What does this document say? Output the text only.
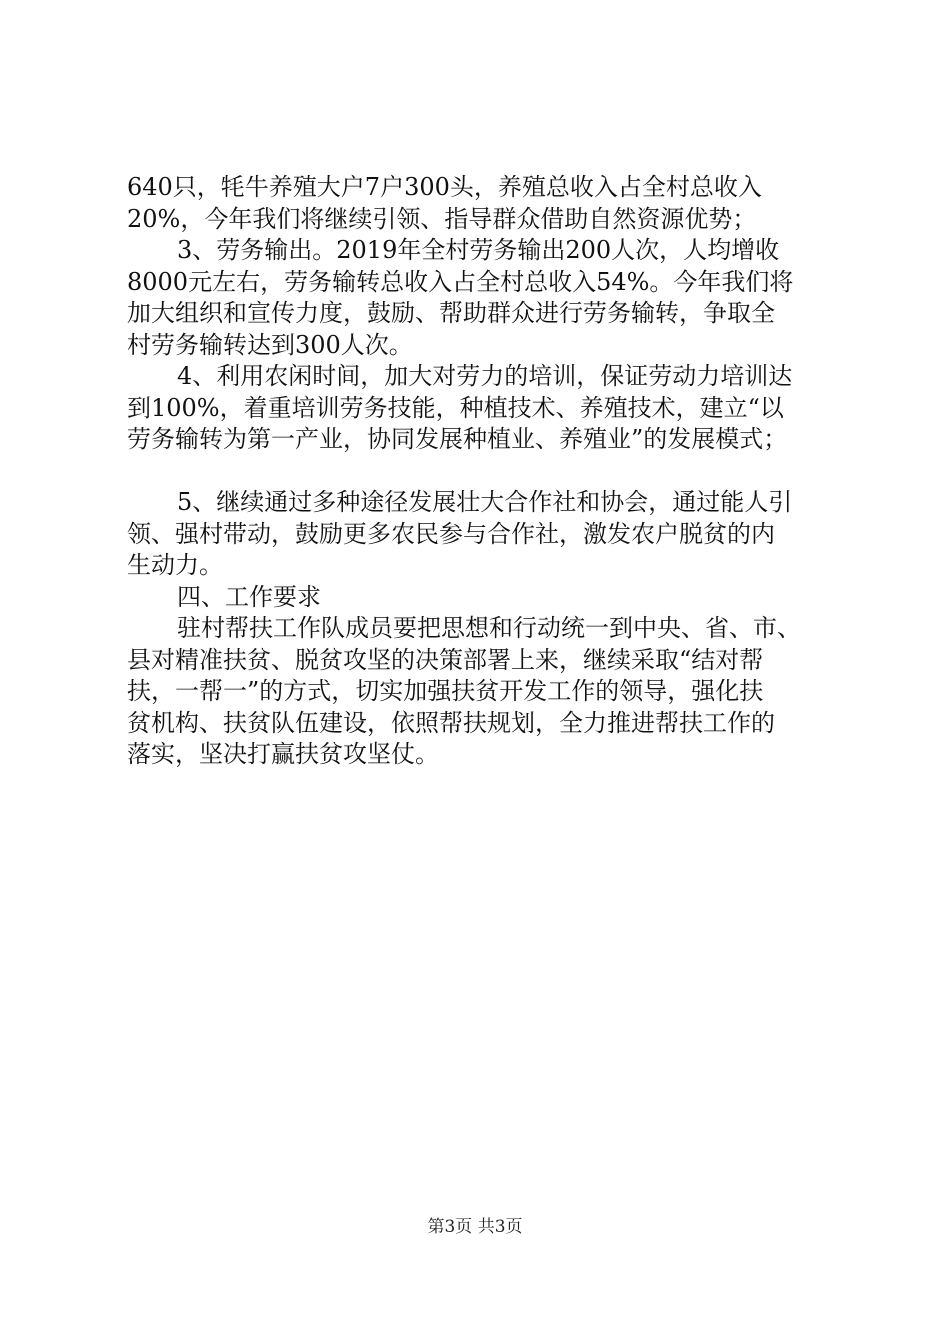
640只，牦牛养殖大户7户300头，养殖总收入占全村总收入
20%，今年我们将继续引领、指导群众借助自然资源优势；
3、劳务输出。2019年全村劳务输出200人次，人均增收
8000元左右，劳务输转总收入占全村总收入54%。今年我们将
加大组织和宣传力度，鼓励、帮助群众进行劳务输转，争取全
村劳务输转达到300人次。
4、利用农闲时间，加大对劳力的培训，保证劳动力培训达
到100%，着重培训劳务技能，种植技术、养殖技术，建立“以
劳务输转为第一产业，协同发展种植业、养殖业”的发展模式；
5、继续通过多种途径发展壮大合作社和协会，通过能人引
领、强村带动，鼓励更多农民参与合作社，激发农户脱贫的内
生动力。
四、工作要求
驻村帮扶工作队成员要把思想和行动统一到中央、省、市、
县对精准扶贫、脱贫攻坚的决策部署上来，继续采取“结对帮
扶，一帮一”的方式，切实加强扶贫开发工作的领导，强化扶
贫机构、扶贫队伍建设，依照帮扶规划，全力推进帮扶工作的
落实，坚决打赢扶贫攻坚仗。
第3页 共3页
